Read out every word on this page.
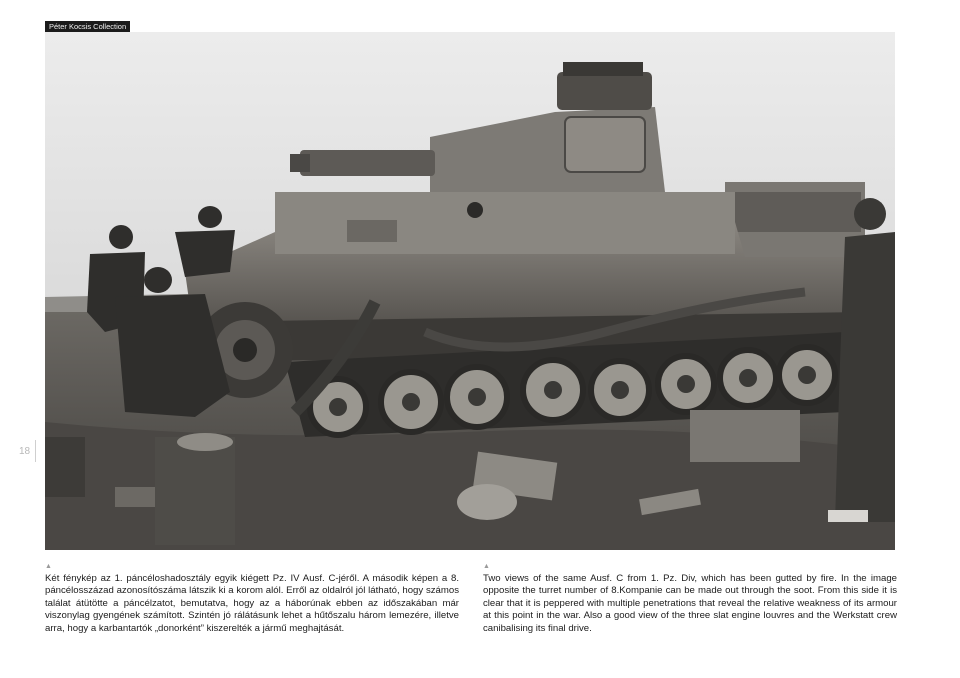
Péter Kocsis Collection
18
▲
Két fénykép az 1. páncéloshadosztály egyik kiégett Pz. IV Ausf. C-jéről. A második képen a 8. páncélosszázad azonosítószáma látszik ki a korom alól. Erről az oldalról jól látható, hogy számos találat átütötte a páncélzatot, bemutatva, hogy az a háborúnak ebben az időszakában már viszonylag gyengének számított. Szintén jó rálátásunk lehet a hűtőszalu három lemezére, illetve arra, hogy a karbantartók „donorként” kiszerelték a jármű meghajtását.
▲
Two views of the same Ausf. C from 1. Pz. Div, which has been gutted by fire. In the image opposite the turret number of 8.Kompanie can be made out through the soot. From this side it is clear that it is peppered with multiple penetrations that reveal the relative weakness of its armour at this point in the war. Also a good view of the three slat engine louvres and the Werkstatt crew canibalising its final drive.
